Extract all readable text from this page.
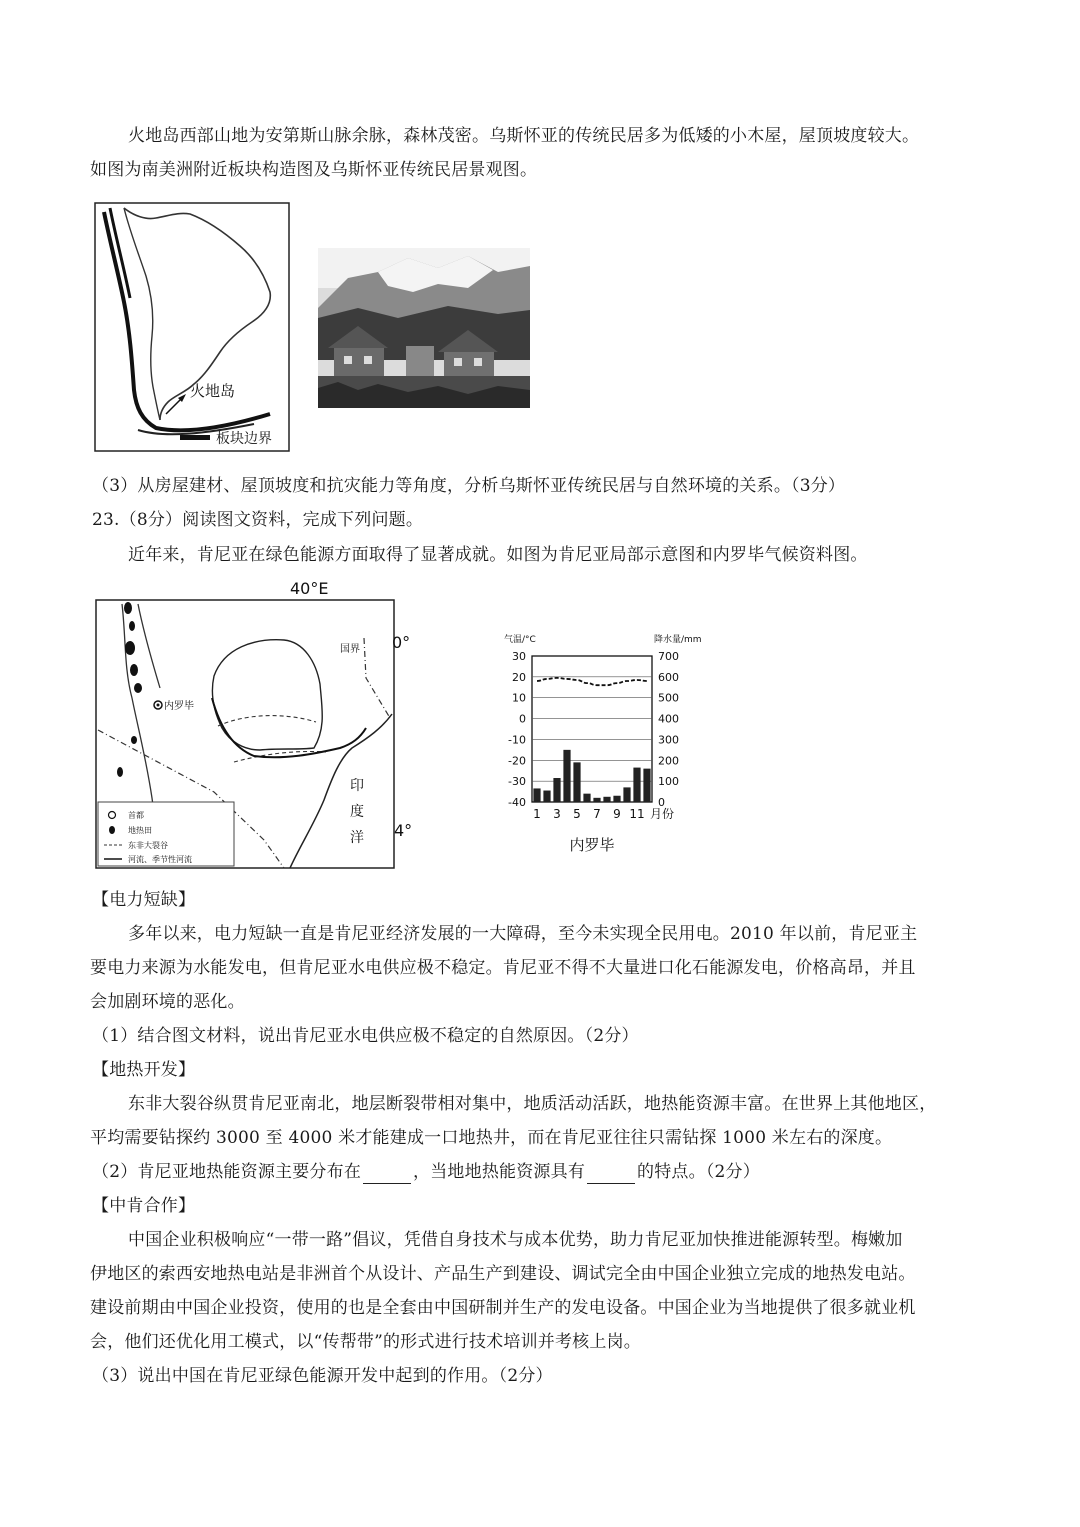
火地岛西部山地为安第斯山脉余脉，森林茂密。乌斯怀亚的传统民居多为低矮的小木屋，屋顶坡度较大。
如图为南美洲附近板块构造图及乌斯怀亚传统民居景观图。
火地岛
板块边界
（3）从房屋建材、屋顶坡度和抗灾能力等角度，分析乌斯怀亚传统民居与自然环境的关系。（3分）
23.（8分）阅读图文资料，完成下列问题。
近年来，肯尼亚在绿色能源方面取得了显著成就。如图为肯尼亚局部示意图和内罗毕气候资料图。
40°E
内罗毕
国界
印
度
洋
0°
4°
首都
地热田
东非大裂谷
河流、季节性河流
气温/°C	降水量/mm
30
20
10
0
-10
-20
-30
-40
700
600
500
400
300
200
100
0
1 3 5 7 9 11 月份
内罗毕
【电力短缺】
多年以来，电力短缺一直是肯尼亚经济发展的一大障碍，至今未实现全民用电。2010 年以前，肯尼亚主
要电力来源为水能发电，但肯尼亚水电供应极不稳定。肯尼亚不得不大量进口化石能源发电，价格高昂，并且
会加剧环境的恶化。
（1）结合图文材料，说出肯尼亚水电供应极不稳定的自然原因。（2分）
【地热开发】
东非大裂谷纵贯肯尼亚南北，地层断裂带相对集中，地质活动活跃，地热能资源丰富。在世界上其他地区，
平均需要钻探约 3000 至 4000 米才能建成一口地热井，而在肯尼亚往往只需钻探 1000 米左右的深度。
（2）肯尼亚地热能资源主要分布在	，当地地热能资源具有	的特点。（2分）
【中肯合作】
中国企业积极响应“一带一路”倡议，凭借自身技术与成本优势，助力肯尼亚加快推进能源转型。梅嫩加
伊地区的索西安地热电站是非洲首个从设计、产品生产到建设、调试完全由中国企业独立完成的地热发电站。
建设前期由中国企业投资，使用的也是全套由中国研制并生产的发电设备。中国企业为当地提供了很多就业机
会，他们还优化用工模式，以“传帮带”的形式进行技术培训并考核上岗。
（3）说出中国在肯尼亚绿色能源开发中起到的作用。（2分）
